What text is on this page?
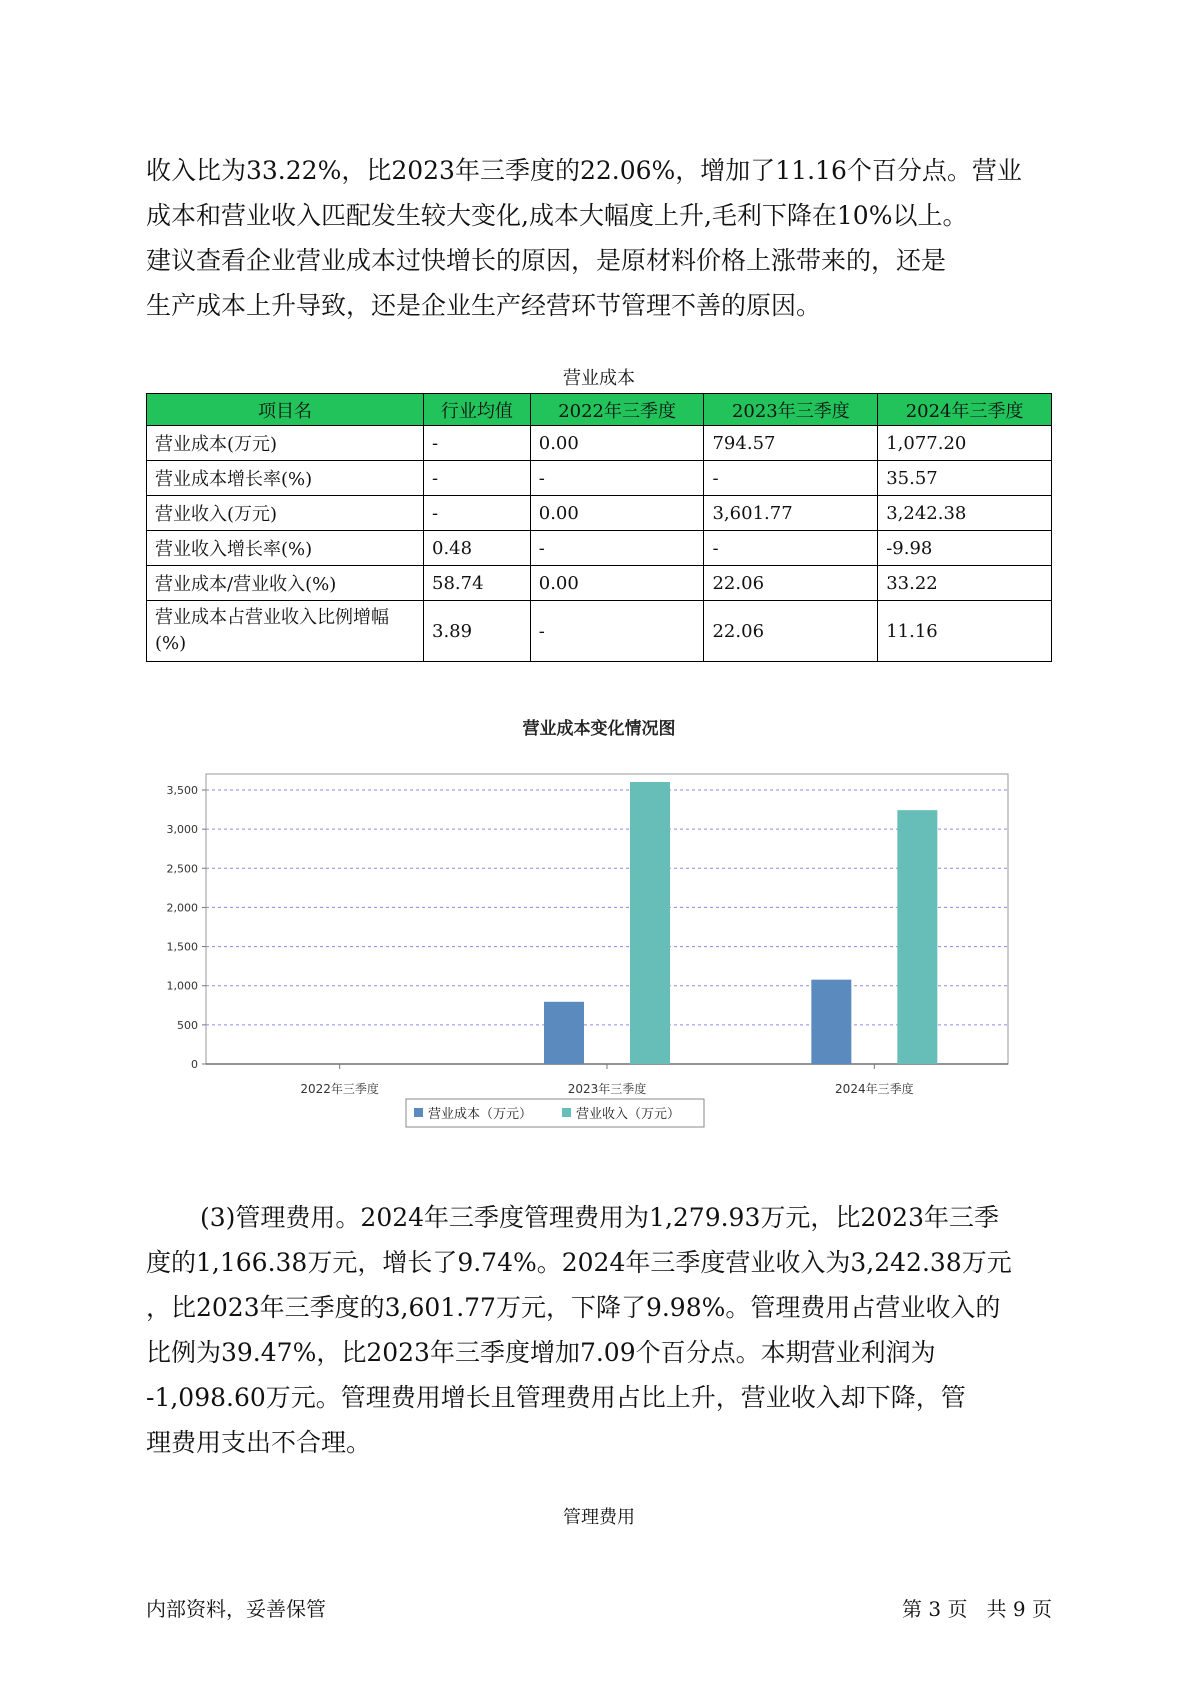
收入比为33.22%，比2023年三季度的22.06%，增加了11.16个百分点。营业
成本和营业收入匹配发生较大变化,成本大幅度上升,毛利下降在10%以上。
建议查看企业营业成本过快增长的原因，是原材料价格上涨带来的，还是
生产成本上升导致，还是企业生产经营环节管理不善的原因。
营业成本
项目名	行业均值	2022年三季度	2023年三季度	2024年三季度
营业成本(万元)	-	0.00	794.57	1,077.20
营业成本增长率(%)	-	-	-	35.57
营业收入(万元)	-	0.00	3,601.77	3,242.38
营业收入增长率(%)	0.48	-	-	-9.98
营业成本/营业收入(%)	58.74	0.00	22.06	33.22
营业成本占营业收入比例增幅(%)	3.89	-	22.06	11.16
营业成本变化情况图
0
500
1,000
1,500
2,000
2,500
3,000
3,500
2022年三季度	2023年三季度	2024年三季度
营业成本（万元）	营业收入（万元）
(3)管理费用。2024年三季度管理费用为1,279.93万元，比2023年三季
度的1,166.38万元，增长了9.74%。2024年三季度营业收入为3,242.38万元
，比2023年三季度的3,601.77万元，下降了9.98%。管理费用占营业收入的
比例为39.47%，比2023年三季度增加7.09个百分点。本期营业利润为
-1,098.60万元。管理费用增长且管理费用占比上升，营业收入却下降，管
理费用支出不合理。
管理费用
内部资料，妥善保管	第 3 页   共 9 页
